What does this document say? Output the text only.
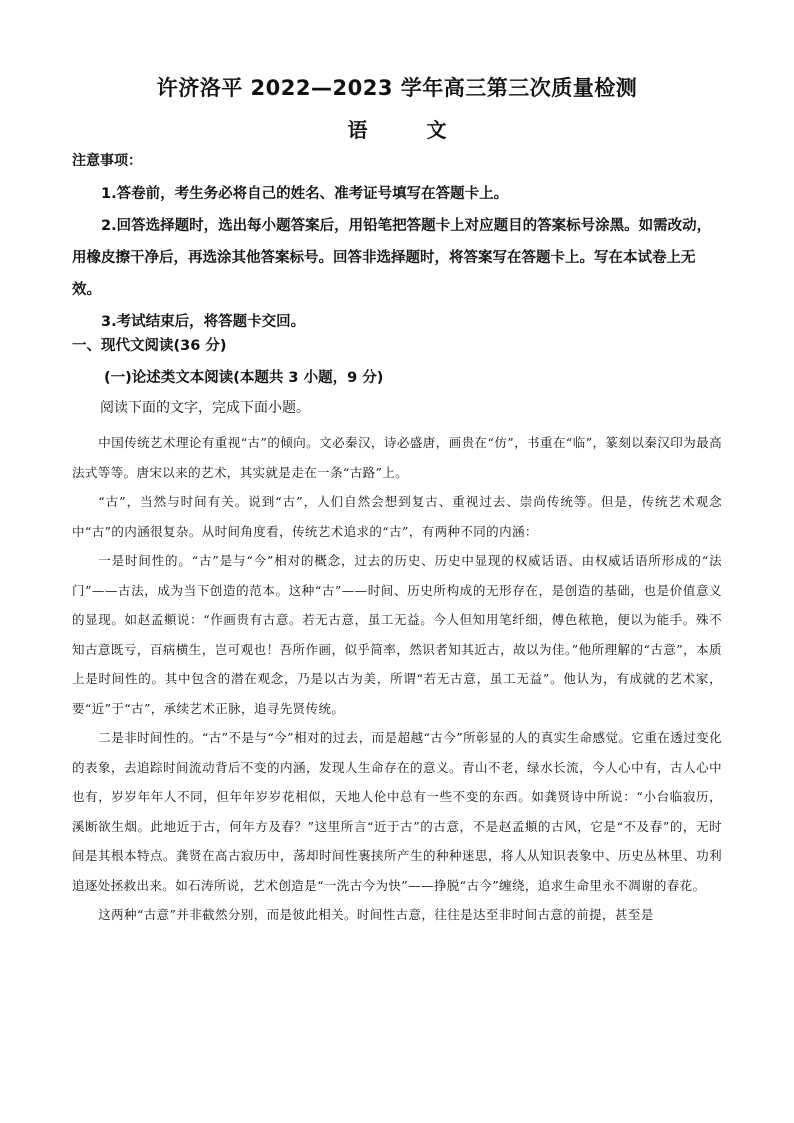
许济洛平 2022—2023 学年高三第三次质量检测
语 文
注意事项：

1.答卷前，考生务必将自己的姓名、准考证号填写在答题卡上。

2.回答选择题时，选出每小题答案后，用铅笔把答题卡上对应题目的答案标号涂黑。如需改动，用橡皮擦干净后，再选涂其他答案标号。回答非选择题时，将答案写在答题卡上。写在本试卷上无效。

3.考试结束后，将答题卡交回。

一、现代文阅读(36 分)
(一)论述类文本阅读(本题共 3 小题，9 分)
阅读下面的文字，完成下面小题。

中国传统艺术理论有重视“古”的倾向。文必秦汉，诗必盛唐，画贵在“仿”，书重在“临”，篆刻以秦汉印为最高法式等等。唐宋以来的艺术，其实就是走在一条“古路”上。

“古”，当然与时间有关。说到“古”，人们自然会想到复古、重视过去、崇尚传统等。但是，传统艺术观念中“古”的内涵很复杂。从时间角度看，传统艺术追求的“古”，有两种不同的内涵：

一是时间性的。“古”是与“今”相对的概念，过去的历史、历史中显现的权威话语、由权威话语所形成的“法门”——古法，成为当下创造的范本。这种“古”——时间、历史所构成的无形存在，是创造的基础，也是价值意义的显现。如赵孟頫说：“作画贵有古意。若无古意，虽工无益。今人但知用笔纤细，傅色秾艳，便以为能手。殊不知古意既亏，百病横生，岂可观也！吾所作画，似乎简率，然识者知其近古，故以为佳。”他所理解的“古意”，本质上是时间性的。其中包含的潜在观念，乃是以古为美，所谓“若无古意，虽工无益”。他认为，有成就的艺术家，要“近”于“古”，承续艺术正脉，追寻先贤传统。

二是非时间性的。“古”不是与“今”相对的过去，而是超越“古今”所彰显的人的真实生命感觉。它重在透过变化的表象，去追踪时间流动背后不变的内涵，发现人生命存在的意义。青山不老，绿水长流，今人心中有，古人心中也有，岁岁年年人不同，但年年岁岁花相似，天地人伦中总有一些不变的东西。如龚贤诗中所说：“小台临寂历，溪断欲生烟。此地近于古，何年方及春？”这里所言“近于古”的古意，不是赵孟頫的古风，它是“不及春”的，无时间是其根本特点。龚贤在高古寂历中，荡却时间性裹挟所产生的种种迷思，将人从知识表象中、历史丛林里、功利追逐处拯救出来。如石涛所说，艺术创造是“一洗古今为快”——挣脱“古今”缠绕，追求生命里永不凋谢的春花。

这两种“古意”并非截然分别，而是彼此相关。时间性古意，往往是达至非时间古意的前提，甚至是
